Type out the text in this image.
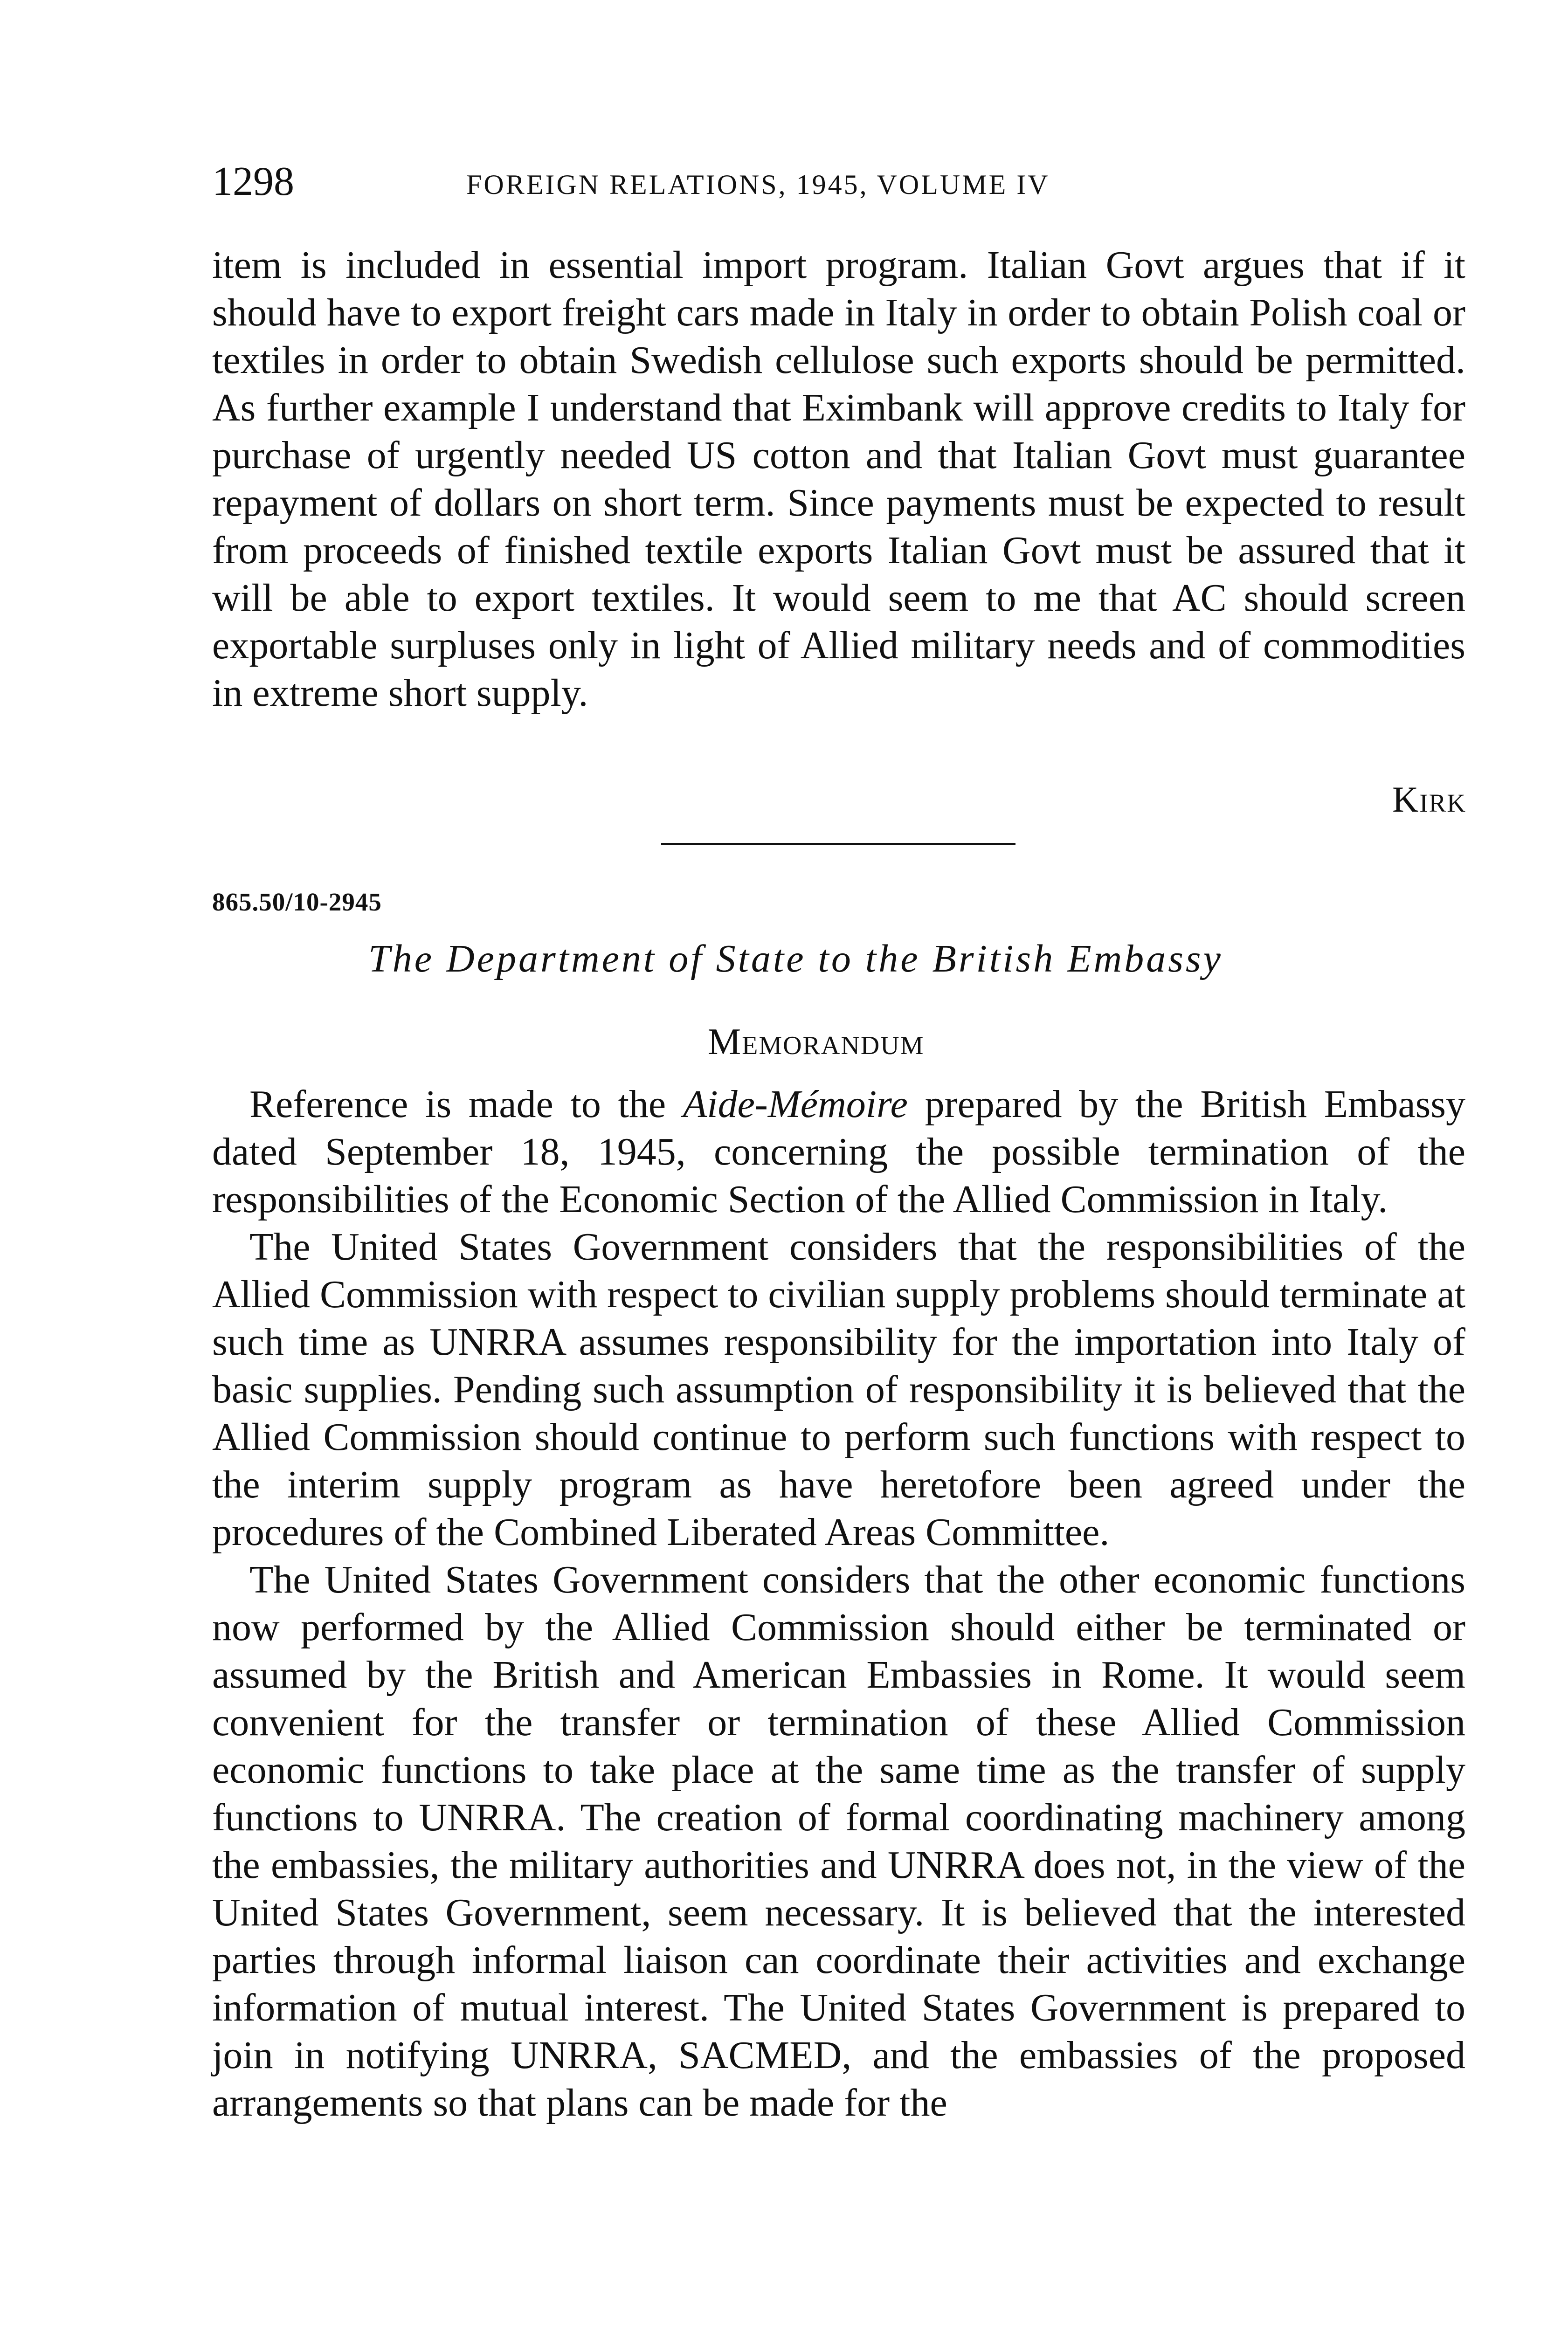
1298	FOREIGN RELATIONS, 1945, VOLUME IV

item is included in essential import program. Italian Govt argues that if it should have to export freight cars made in Italy in order to obtain Polish coal or textiles in order to obtain Swedish cellulose such exports should be permitted. As further example I understand that Eximbank will approve credits to Italy for purchase of urgently needed US cotton and that Italian Govt must guarantee repayment of dollars on short term. Since payments must be expected to result from proceeds of finished textile exports Italian Govt must be assured that it will be able to export textiles. It would seem to me that AC should screen exportable surpluses only in light of Allied military needs and of commodities in extreme short supply.

Kirk
865.50/10-2945
The Department of State to the British Embassy
Memorandum

Reference is made to the Aide-Mémoire prepared by the British Embassy dated September 18, 1945, concerning the possible termination of the responsibilities of the Economic Section of the Allied Commission in Italy.

The United States Government considers that the responsibilities of the Allied Commission with respect to civilian supply problems should terminate at such time as UNRRA assumes responsibility for the importation into Italy of basic supplies. Pending such assumption of responsibility it is believed that the Allied Commission should continue to perform such functions with respect to the interim supply program as have heretofore been agreed under the procedures of the Combined Liberated Areas Committee.

The United States Government considers that the other economic functions now performed by the Allied Commission should either be terminated or assumed by the British and American Embassies in Rome. It would seem convenient for the transfer or termination of these Allied Commission economic functions to take place at the same time as the transfer of supply functions to UNRRA. The creation of formal coordinating machinery among the embassies, the military authorities and UNRRA does not, in the view of the United States Government, seem necessary. It is believed that the interested parties through informal liaison can coordinate their activities and exchange information of mutual interest. The United States Government is prepared to join in notifying UNRRA, SACMED, and the embassies of the proposed arrangements so that plans can be made for the
